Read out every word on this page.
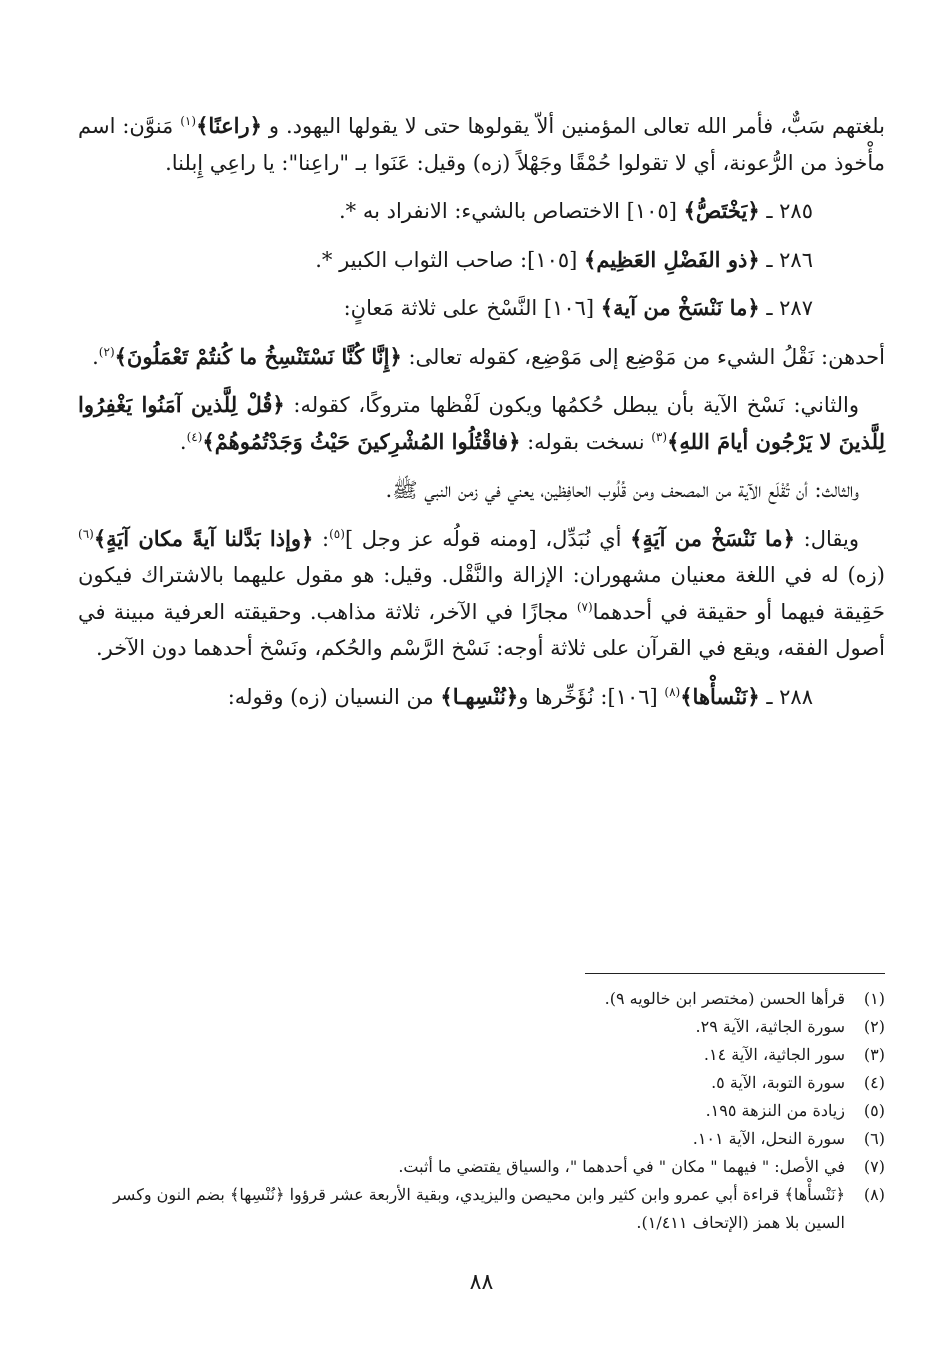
بلغتهم سَبٌّ، فأمر الله تعالى المؤمنين ألاّ يقولوها حتى لا يقولها اليهود. و ﴿راعنًا﴾$^{(١)}$ مَنوَّن: اسم مأْخوذ من الرُّعونة، أي لا تقولوا حُمْقًا وجَهْلاً (زه) وقيل: عَنَوا بـ "راعِنا": يا راعِي إِبلنا.

٢٨٥ ـ ﴿يَخْتَصُّ﴾ [١٠٥] الاختصاص بالشيء: الانفراد به *.

٢٨٦ ـ ﴿ذو الفَضْلِ العَظِيم﴾ [١٠٥]: صاحب الثواب الكبير *.

٢٨٧ ـ ﴿ما نَنْسَخْ من آية﴾ [١٠٦] النَّسْخ على ثلاثة مَعانٍ:

أحدهن: نَقْلُ الشيء من مَوْضِع إلى مَوْضِع، كقوله تعالى: ﴿إِنَّا كُنَّا نَسْتَنْسِخُ ما كُنتُمْ تَعْمَلُونَ﴾$^{(٢)}$.

والثاني: نَسْخ الآية بأن يبطل حُكمُها ويكون لَفْظها متروكًا، كقوله: ﴿قُلْ لِلَّذين آمَنُوا يَغْفِرُوا لِلَّذينَ لا يَرْجُون أيامَ اللهِ﴾$^{(٣)}$ نسخت بقوله: ﴿فاقْتُلُوا المُشْرِكينَ حَيْثُ وَجَدْتُمُوهُمْ﴾$^{(٤)}$.

والثالث: أن تُقْلَع الآية من المصحف ومن قُلُوب الحافِظين، يعني في زمن النبي ﷺ.

ويقال: ﴿ما نَنْسَخْ من آيَةٍ﴾ أي نُبَدِّل، [ومنه قولُه عز وجل ]$^{(٥)}$: ﴿وإذا بَدَّلنا آيةً مكان آيَةٍ﴾$^{(٦)}$ (زه) له في اللغة معنيان مشهوران: الإزالة والنَّقْل. وقيل: هو مقول عليهما بالاشتراك فيكون حَقِيقة فيهما أو حقيقة في أحدهما$^{(٧)}$ مجازًا في الآخر، ثلاثة مذاهب. وحقيقته العرفية مبينة في أصول الفقه، ويقع في القرآن على ثلاثة أوجه: نَسْخ الرَّسْم والحُكم، ونَسْخ أحدهما دون الآخر.

٢٨٨ ـ ﴿نَنْسأْها﴾$^{(٨)}$ [١٠٦]: نُؤَخِّرها و﴿نُنْسِهـا﴾ من النسيان (زه) وقوله:

(١)
قرأها الحسن (مختصر ابن خالويه ٩).
(٢)
سورة الجاثية، الآية ٢٩.
(٣)
سور الجاثية، الآية ١٤.
(٤)
سورة التوبة، الآية ٥.
(٥)
زيادة من النزهة ١٩٥.
(٦)
سورة النحل، الآية ١٠١.
(٧)
في الأصل: " فيهما " مكان " في أحدهما "، والسياق يقتضي ما أثبت.
(٨)
﴿نَنْسأْها﴾ قراءة أبي عمرو وابن كثير وابن محيصن واليزيدي، وبقية الأربعة عشر قرؤوا ﴿نُنْسِها﴾ بضم النون وكسر السين بلا همز (الإتحاف ١/٤١١).
٨٨
